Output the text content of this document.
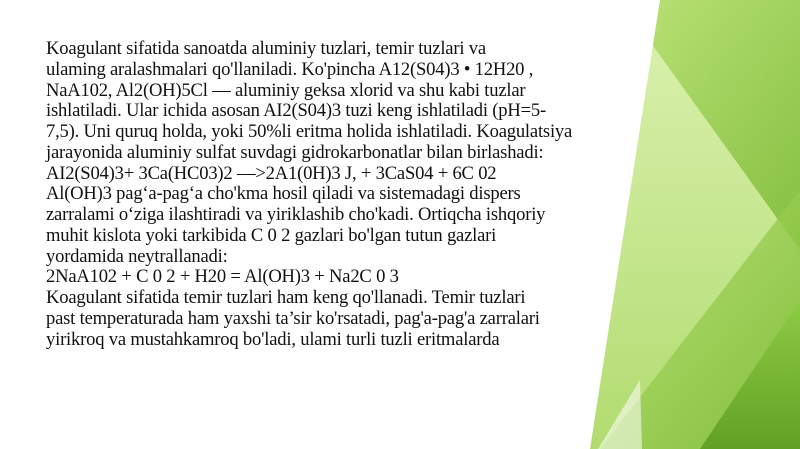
Koagulant sifatida sanoatda aluminiy tuzlari, temir tuzlari va
ulaming aralashmalari qo'llaniladi. Ko'pincha A12(S04)3 • 12H20 ,
NaA102, Al2(OH)5Cl — aluminiy geksa xlorid va shu kabi tuzlar
ishlatiladi. Ular ichida asosan AI2(S04)3 tuzi keng ishlatiladi (pH=5-
7,5). Uni quruq holda, yoki 50%li eritma holida ishlatiladi. Koagulatsiya
jarayonida aluminiy sulfat suvdagi gidrokarbonatlar bilan birlashadi:
AI2(S04)3+ 3Ca(HC03)2 —>2A1(0H)3 J, + 3CaS04 + 6C 02
Al(OH)3 pag‘a-pag‘a cho'kma hosil qiladi va sistemadagi dispers
zarralami o‘ziga ilashtiradi va yiriklashib cho'kadi. Ortiqcha ishqoriy
muhit kislota yoki tarkibida C 0 2 gazlari bo'lgan tutun gazlari
yordamida neytrallanadi:
2NaA102 + C 0 2 + H20 = Al(OH)3 + Na2C 0 3
Koagulant sifatida temir tuzlari ham keng qo'llanadi. Temir tuzlari
past temperaturada ham yaxshi ta’sir ko'rsatadi, pag'a-pag'a zarralari
yirikroq va mustahkamroq bo'ladi, ulami turli tuzli eritmalarda
